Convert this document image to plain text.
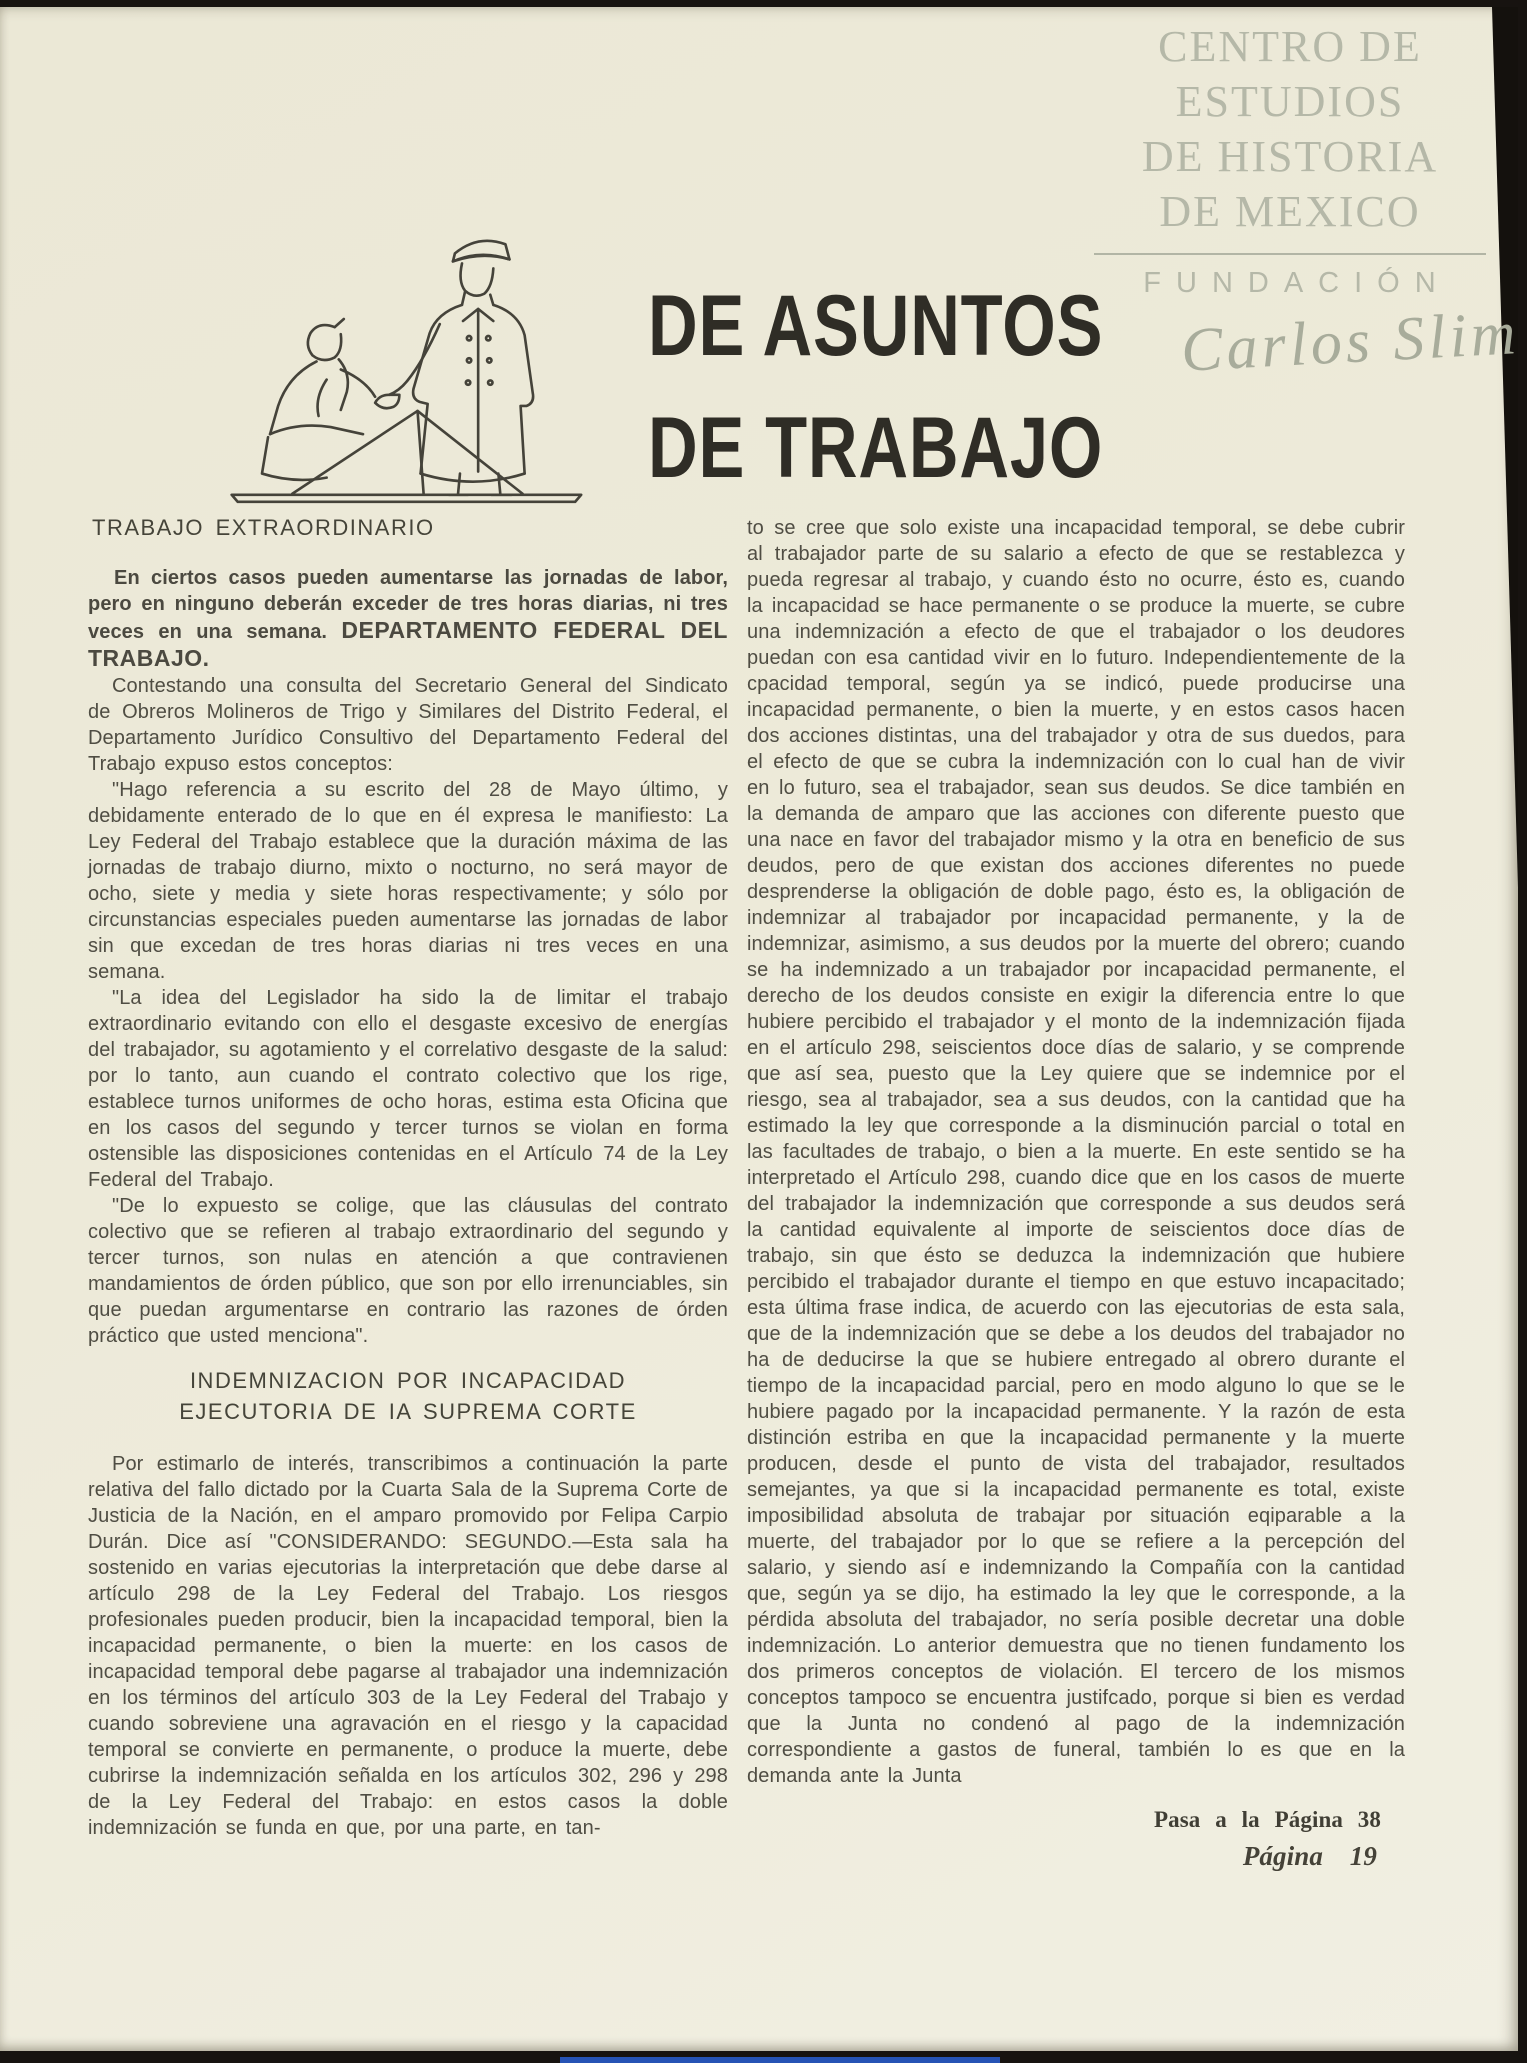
CENTRO DE
ESTUDIOS
DE HISTORIA
DE MEXICO
FUNDACIÓN
Carlos Slim
DE ASUNTOS
DE TRABAJO
TRABAJO EXTRAORDINARIO

En ciertos casos pueden aumentarse las jornadas de labor, pero en ninguno deberán exceder de tres horas diarias, ni tres veces en una semana. DEPARTAMENTO FEDERAL DEL TRABAJO.

Contestando una consulta del Secretario General del Sindicato de Obreros Molineros de Trigo y Similares del Distrito Federal, el Departamento Jurídico Consultivo del Departamento Federal del Trabajo expuso estos conceptos:

"Hago referencia a su escrito del 28 de Mayo último, y debidamente enterado de lo que en él expresa le manifiesto: La Ley Federal del Trabajo establece que la duración máxima de las jornadas de trabajo diurno, mixto o nocturno, no será mayor de ocho, siete y media y siete horas respectivamente; y sólo por circunstancias especiales pueden aumentarse las jornadas de labor sin que excedan de tres horas diarias ni tres veces en una semana.

"La idea del Legislador ha sido la de limitar el trabajo extraordinario evitando con ello el desgaste excesivo de energías del trabajador, su agotamiento y el correlativo desgaste de la salud: por lo tanto, aun cuando el contrato colectivo que los rige, establece turnos uniformes de ocho horas, estima esta Oficina que en los casos del segundo y tercer turnos se violan en forma ostensible las disposiciones contenidas en el Artículo 74 de la Ley Federal del Trabajo.

"De lo expuesto se colige, que las cláusulas del contrato colectivo que se refieren al trabajo extraordinario del segundo y tercer turnos, son nulas en atención a que contravienen mandamientos de órden público, que son por ello irrenunciables, sin que puedan argumentarse en contrario las razones de órden práctico que usted menciona".

INDEMNIZACION POR INCAPACIDAD
EJECUTORIA DE IA SUPREMA CORTE

Por estimarlo de interés, transcribimos a continuación la parte relativa del fallo dictado por la Cuarta Sala de la Suprema Corte de Justicia de la Nación, en el amparo promovido por Felipa Carpio Durán. Dice así "CONSIDERANDO: SEGUNDO.—Esta sala ha sostenido en varias ejecutorias la interpretación que debe darse al artículo 298 de la Ley Federal del Trabajo. Los riesgos profesionales pueden producir, bien la incapacidad temporal, bien la incapacidad permanente, o bien la muerte: en los casos de incapacidad temporal debe pagarse al trabajador una indemnización en los términos del artículo 303 de la Ley Federal del Trabajo y cuando sobreviene una agravación en el riesgo y la capacidad temporal se convierte en permanente, o produce la muerte, debe cubrirse la indemnización señalda en los artículos 302, 296 y 298 de la Ley Federal del Trabajo: en estos casos la doble indemnización se funda en que, por una parte, en tan-

to se cree que solo existe una incapacidad temporal, se debe cubrir al trabajador parte de su salario a efecto de que se restablezca y pueda regresar al trabajo, y cuando ésto no ocurre, ésto es, cuando la incapacidad se hace permanente o se produce la muerte, se cubre una indemnización a efecto de que el trabajador o los deudores puedan con esa cantidad vivir en lo futuro. Independientemente de la cpacidad temporal, según ya se indicó, puede producirse una incapacidad permanente, o bien la muerte, y en estos casos hacen dos acciones distintas, una del trabajador y otra de sus duedos, para el efecto de que se cubra la indemnización con lo cual han de vivir en lo futuro, sea el trabajador, sean sus deudos. Se dice también en la demanda de amparo que las acciones con diferente puesto que una nace en favor del trabajador mismo y la otra en beneficio de sus deudos, pero de que existan dos acciones diferentes no puede desprenderse la obligación de doble pago, ésto es, la obligación de indemnizar al trabajador por incapacidad permanente, y la de indemnizar, asimismo, a sus deudos por la muerte del obrero; cuando se ha indemnizado a un trabajador por incapacidad permanente, el derecho de los deudos consiste en exigir la diferencia entre lo que hubiere percibido el trabajador y el monto de la indemnización fijada en el artículo 298, seiscientos doce días de salario, y se comprende que así sea, puesto que la Ley quiere que se indemnice por el riesgo, sea al trabajador, sea a sus deudos, con la cantidad que ha estimado la ley que corresponde a la disminución parcial o total en las facultades de trabajo, o bien a la muerte. En este sentido se ha interpretado el Artículo 298, cuando dice que en los casos de muerte del trabajador la indemnización que corresponde a sus deudos será la cantidad equivalente al importe de seiscientos doce días de trabajo, sin que ésto se deduzca la indemnización que hubiere percibido el trabajador durante el tiempo en que estuvo incapacitado; esta última frase indica, de acuerdo con las ejecutorias de esta sala, que de la indemnización que se debe a los deudos del trabajador no ha de deducirse la que se hubiere entregado al obrero durante el tiempo de la incapacidad parcial, pero en modo alguno lo que se le hubiere pagado por la incapacidad permanente. Y la razón de esta distinción estriba en que la incapacidad permanente y la muerte producen, desde el punto de vista del trabajador, resultados semejantes, ya que si la incapacidad permanente es total, existe imposibilidad absoluta de trabajar por situación eqiparable a la muerte, del trabajador por lo que se refiere a la percepción del salario, y siendo así e indemnizando la Compañía con la cantidad que, según ya se dijo, ha estimado la ley que le corresponde, a la pérdida absoluta del trabajador, no sería posible decretar una doble indemnización. Lo anterior demuestra que no tienen fundamento los dos primeros conceptos de violación. El tercero de los mismos conceptos tampoco se encuentra justifcado, porque si bien es verdad que la Junta no condenó al pago de la indemnización correspondiente a gastos de funeral, también lo es que en la demanda ante la Junta

Pasa a la Página 38
Página 19
